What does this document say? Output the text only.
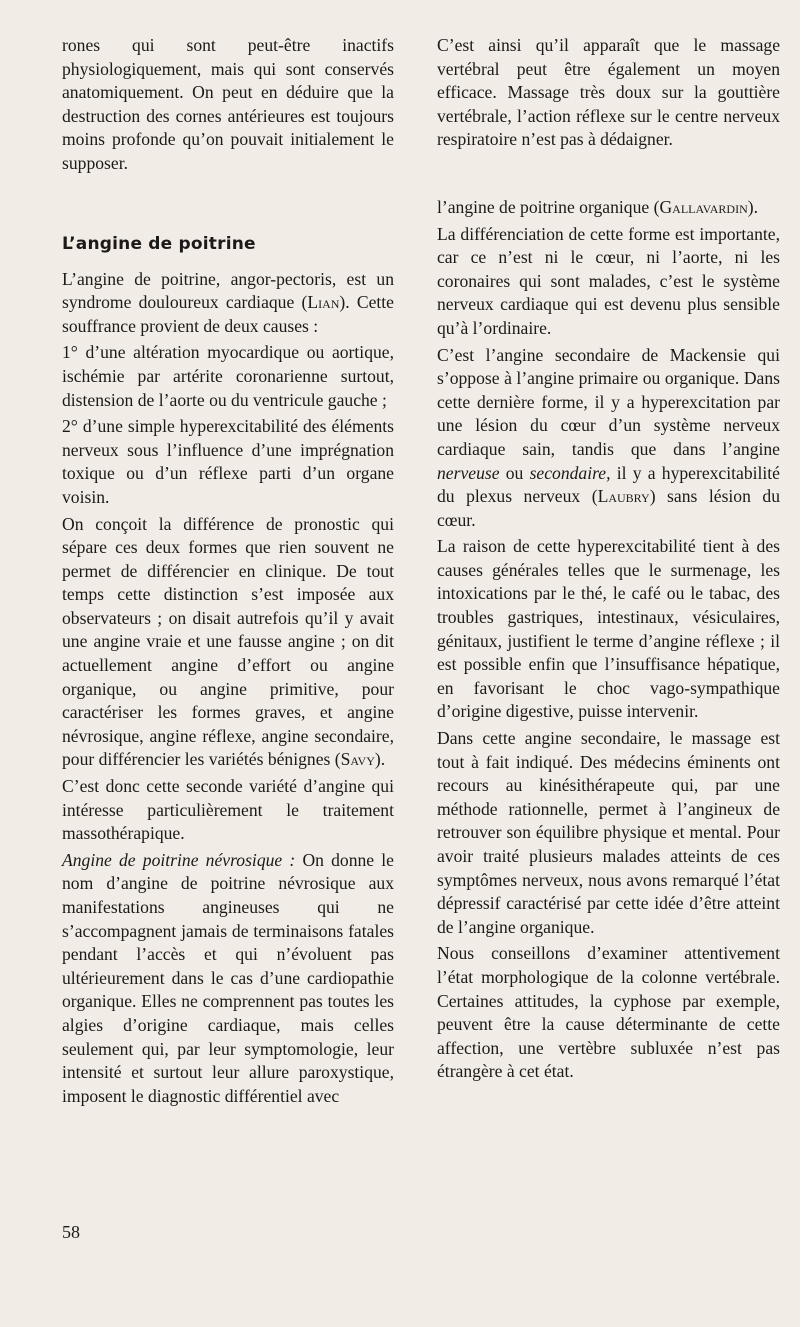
rones qui sont peut-être inactifs physiologiquement, mais qui sont conservés anatomiquement. On peut en déduire que la destruction des cornes antérieures est toujours moins profonde qu’on pouvait initialement le supposer.

L’angine de poitrine

L’angine de poitrine, angor-pectoris, est un syndrome douloureux cardiaque (Lian). Cette souffrance provient de deux causes :

1° d’une altération myocardique ou aortique, ischémie par artérite coronarienne surtout, distension de l’aorte ou du ventricule gauche ;

2° d’une simple hyperexcitabilité des éléments nerveux sous l’influence d’une imprégnation toxique ou d’un réflexe parti d’un organe voisin.

On conçoit la différence de pronostic qui sépare ces deux formes que rien souvent ne permet de différencier en clinique. De tout temps cette distinction s’est imposée aux observateurs ; on disait autrefois qu’il y avait une angine vraie et une fausse angine ; on dit actuellement angine d’effort ou angine organique, ou angine primitive, pour caractériser les formes graves, et angine névrosique, angine réflexe, angine secondaire, pour différencier les variétés bénignes (Savy).

C’est donc cette seconde variété d’angine qui intéresse particulièrement le traitement massothérapique.

Angine de poitrine névrosique : On donne le nom d’angine de poitrine névrosique aux manifestations angineuses qui ne s’accompagnent jamais de terminaisons fatales pendant l’accès et qui n’évoluent pas ultérieurement dans le cas d’une cardiopathie organique. Elles ne comprennent pas toutes les algies d’origine cardiaque, mais celles seulement qui, par leur symptomologie, leur intensité et surtout leur allure paroxystique, imposent le diagnostic différentiel avec

C’est ainsi qu’il apparaît que le massage vertébral peut être également un moyen efficace. Massage très doux sur la gouttière vertébrale, l’action réflexe sur le centre nerveux respiratoire n’est pas à dédaigner.

l’angine de poitrine organique (Gallavardin).

La différenciation de cette forme est importante, car ce n’est ni le cœur, ni l’aorte, ni les coronaires qui sont malades, c’est le système nerveux cardiaque qui est devenu plus sensible qu’à l’ordinaire.

C’est l’angine secondaire de Mackensie qui s’oppose à l’angine primaire ou organique. Dans cette dernière forme, il y a hyperexcitation par une lésion du cœur d’un système nerveux cardiaque sain, tandis que dans l’angine nerveuse ou secondaire, il y a hyperexcitabilité du plexus nerveux (Laubry) sans lésion du cœur.

La raison de cette hyperexcitabilité tient à des causes générales telles que le surmenage, les intoxications par le thé, le café ou le tabac, des troubles gastriques, intestinaux, vésiculaires, génitaux, justifient le terme d’angine réflexe ; il est possible enfin que l’insuffisance hépatique, en favorisant le choc vago-sympathique d’origine digestive, puisse intervenir.

Dans cette angine secondaire, le massage est tout à fait indiqué. Des médecins éminents ont recours au kinésithérapeute qui, par une méthode rationnelle, permet à l’angineux de retrouver son équilibre physique et mental. Pour avoir traité plusieurs malades atteints de ces symptômes nerveux, nous avons remarqué l’état dépressif caractérisé par cette idée d’être atteint de l’angine organique.

Nous conseillons d’examiner attentivement l’état morphologique de la colonne vertébrale. Certaines attitudes, la cyphose par exemple, peuvent être la cause déterminante de cette affection, une vertèbre subluxée n’est pas étrangère à cet état.

58
